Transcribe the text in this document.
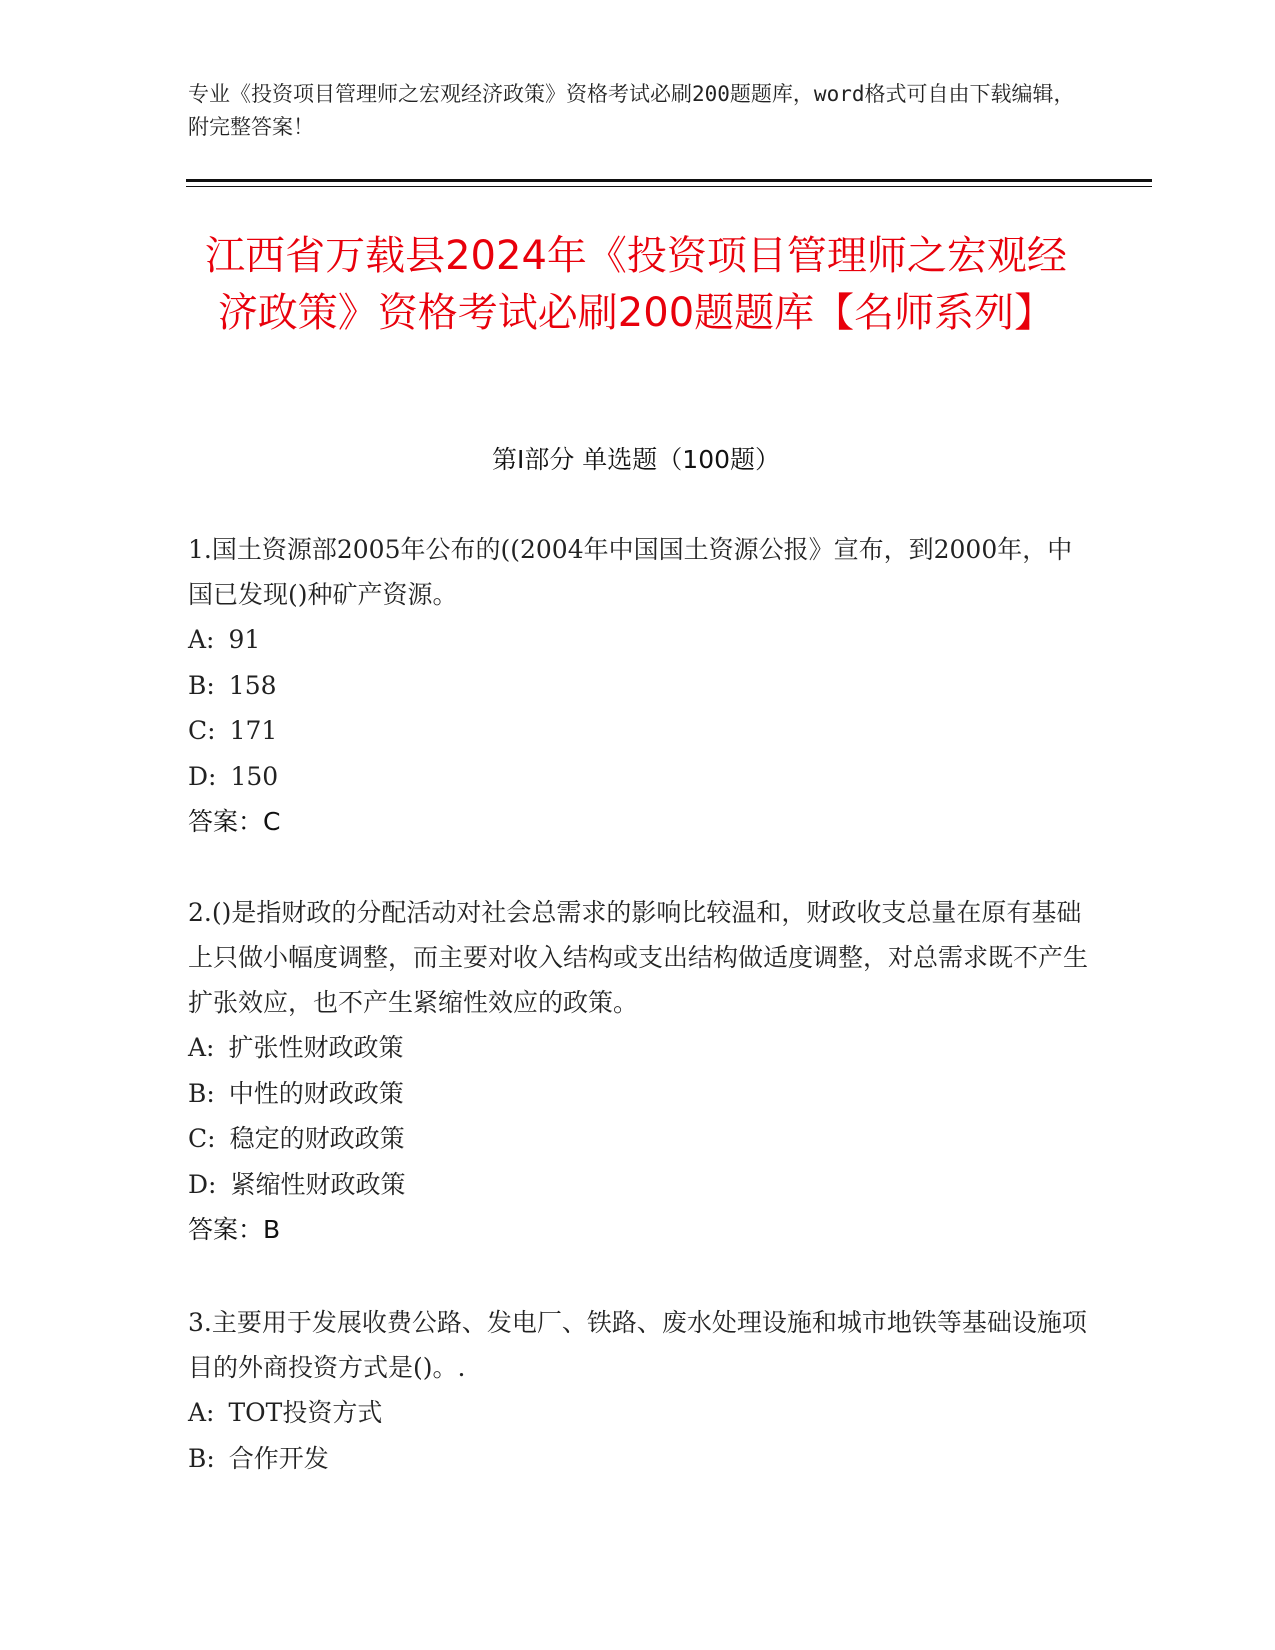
专业《投资项目管理师之宏观经济政策》资格考试必刷200题题库，word格式可自由下载编辑，附完整答案！
江西省万载县2024年《投资项目管理师之宏观经济政策》资格考试必刷200题题库【名师系列】
第Ⅰ部分 单选题（100题）
1.国土资源部2005年公布的((2004年中国国土资源公报》宣布，到2000年，中国已发现()种矿产资源。
A: 91
B: 158
C: 171
D: 150
答案：C
2.()是指财政的分配活动对社会总需求的影响比较温和，财政收支总量在原有基础上只做小幅度调整，而主要对收入结构或支出结构做适度调整，对总需求既不产生扩张效应，也不产生紧缩性效应的政策。
A: 扩张性财政政策
B: 中性的财政政策
C: 稳定的财政政策
D: 紧缩性财政政策
答案：B
3.主要用于发展收费公路、发电厂、铁路、废水处理设施和城市地铁等基础设施项目的外商投资方式是()。.
A: TOT投资方式
B: 合作开发
